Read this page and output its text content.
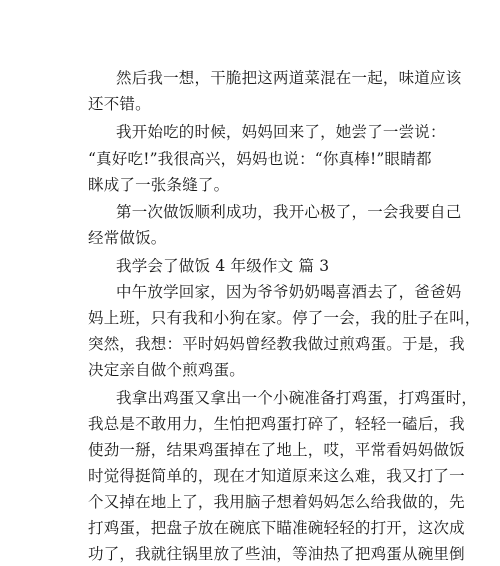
然后我一想，干脆把这两道菜混在一起，味道应该
还不错。
我开始吃的时候，妈妈回来了，她尝了一尝说：
“真好吃!”我很高兴，妈妈也说：“你真棒!”眼睛都
眯成了一张条缝了。
第一次做饭顺利成功，我开心极了，一会我要自己
经常做饭。
我学会了做饭 4 年级作文 篇 3
中午放学回家，因为爷爷奶奶喝喜酒去了，爸爸妈
妈上班，只有我和小狗在家。停了一会，我的肚子在叫，
突然，我想：平时妈妈曾经教我做过煎鸡蛋。于是，我
决定亲自做个煎鸡蛋。
我拿出鸡蛋又拿出一个小碗准备打鸡蛋，打鸡蛋时，
我总是不敢用力，生怕把鸡蛋打碎了，轻轻一磕后，我
使劲一掰，结果鸡蛋掉在了地上，哎，平常看妈妈做饭
时觉得挺简单的，现在才知道原来这么难，我又打了一
个又掉在地上了，我用脑子想着妈妈怎么给我做的，先
打鸡蛋，把盘子放在碗底下瞄准碗轻轻的打开，这次成
功了，我就往锅里放了些油，等油热了把鸡蛋从碗里倒
